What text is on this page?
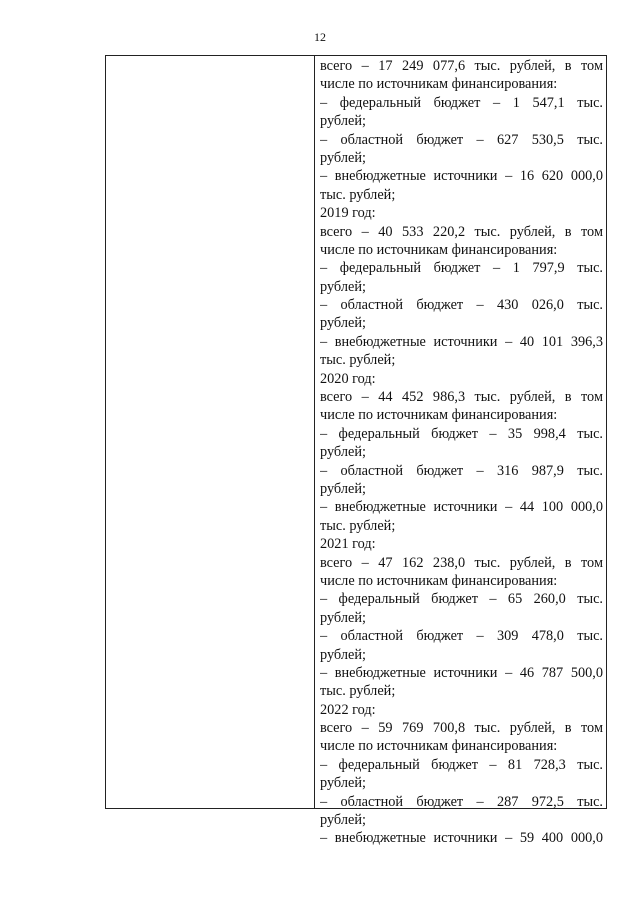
12
всего – 17 249 077,6 тыс. рублей, в том
числе по источникам финансирования:
– федеральный бюджет – 1 547,1 тыс.
рублей;
– областной бюджет – 627 530,5 тыс.
рублей;
– внебюджетные источники – 16 620 000,0
тыс. рублей;
2019 год:
всего – 40 533 220,2 тыс. рублей, в том
числе по источникам финансирования:
– федеральный бюджет – 1 797,9 тыс.
рублей;
– областной бюджет – 430 026,0 тыс.
рублей;
– внебюджетные источники – 40 101 396,3
тыс. рублей;
2020 год:
всего – 44 452 986,3 тыс. рублей, в том
числе по источникам финансирования:
– федеральный бюджет – 35 998,4 тыс.
рублей;
– областной бюджет – 316 987,9 тыс.
рублей;
– внебюджетные источники – 44 100 000,0
тыс. рублей;
2021 год:
всего – 47 162 238,0 тыс. рублей, в том
числе по источникам финансирования:
– федеральный бюджет – 65 260,0 тыс.
рублей;
– областной бюджет – 309 478,0 тыс.
рублей;
– внебюджетные источники – 46 787 500,0
тыс. рублей;
2022 год:
всего – 59 769 700,8 тыс. рублей, в том
числе по источникам финансирования:
– федеральный бюджет – 81 728,3 тыс.
рублей;
– областной бюджет – 287 972,5 тыс.
рублей;
– внебюджетные источники – 59 400 000,0
